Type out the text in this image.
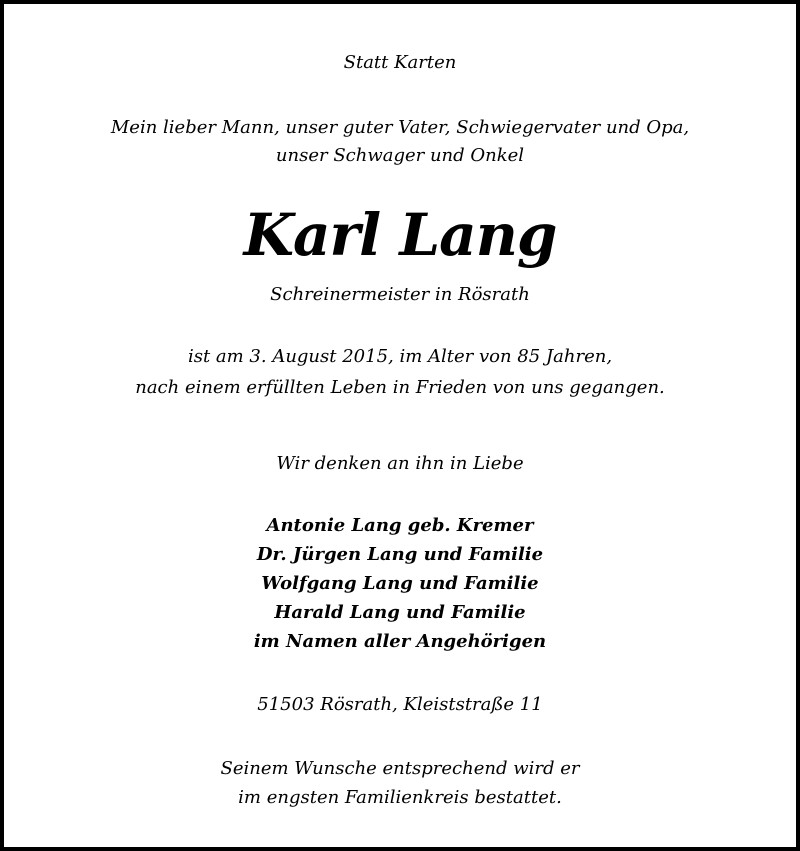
Statt Karten
Mein lieber Mann, unser guter Vater, Schwiegervater und Opa,
unser Schwager und Onkel
Karl Lang
Schreinermeister in Rösrath
ist am 3. August 2015, im Alter von 85 Jahren,
nach einem erfüllten Leben in Frieden von uns gegangen.
Wir denken an ihn in Liebe
Antonie Lang geb. Kremer
Dr. Jürgen Lang und Familie
Wolfgang Lang und Familie
Harald Lang und Familie
im Namen aller Angehörigen
51503 Rösrath, Kleiststraße 11
Seinem Wunsche entsprechend wird er
im engsten Familienkreis bestattet.
